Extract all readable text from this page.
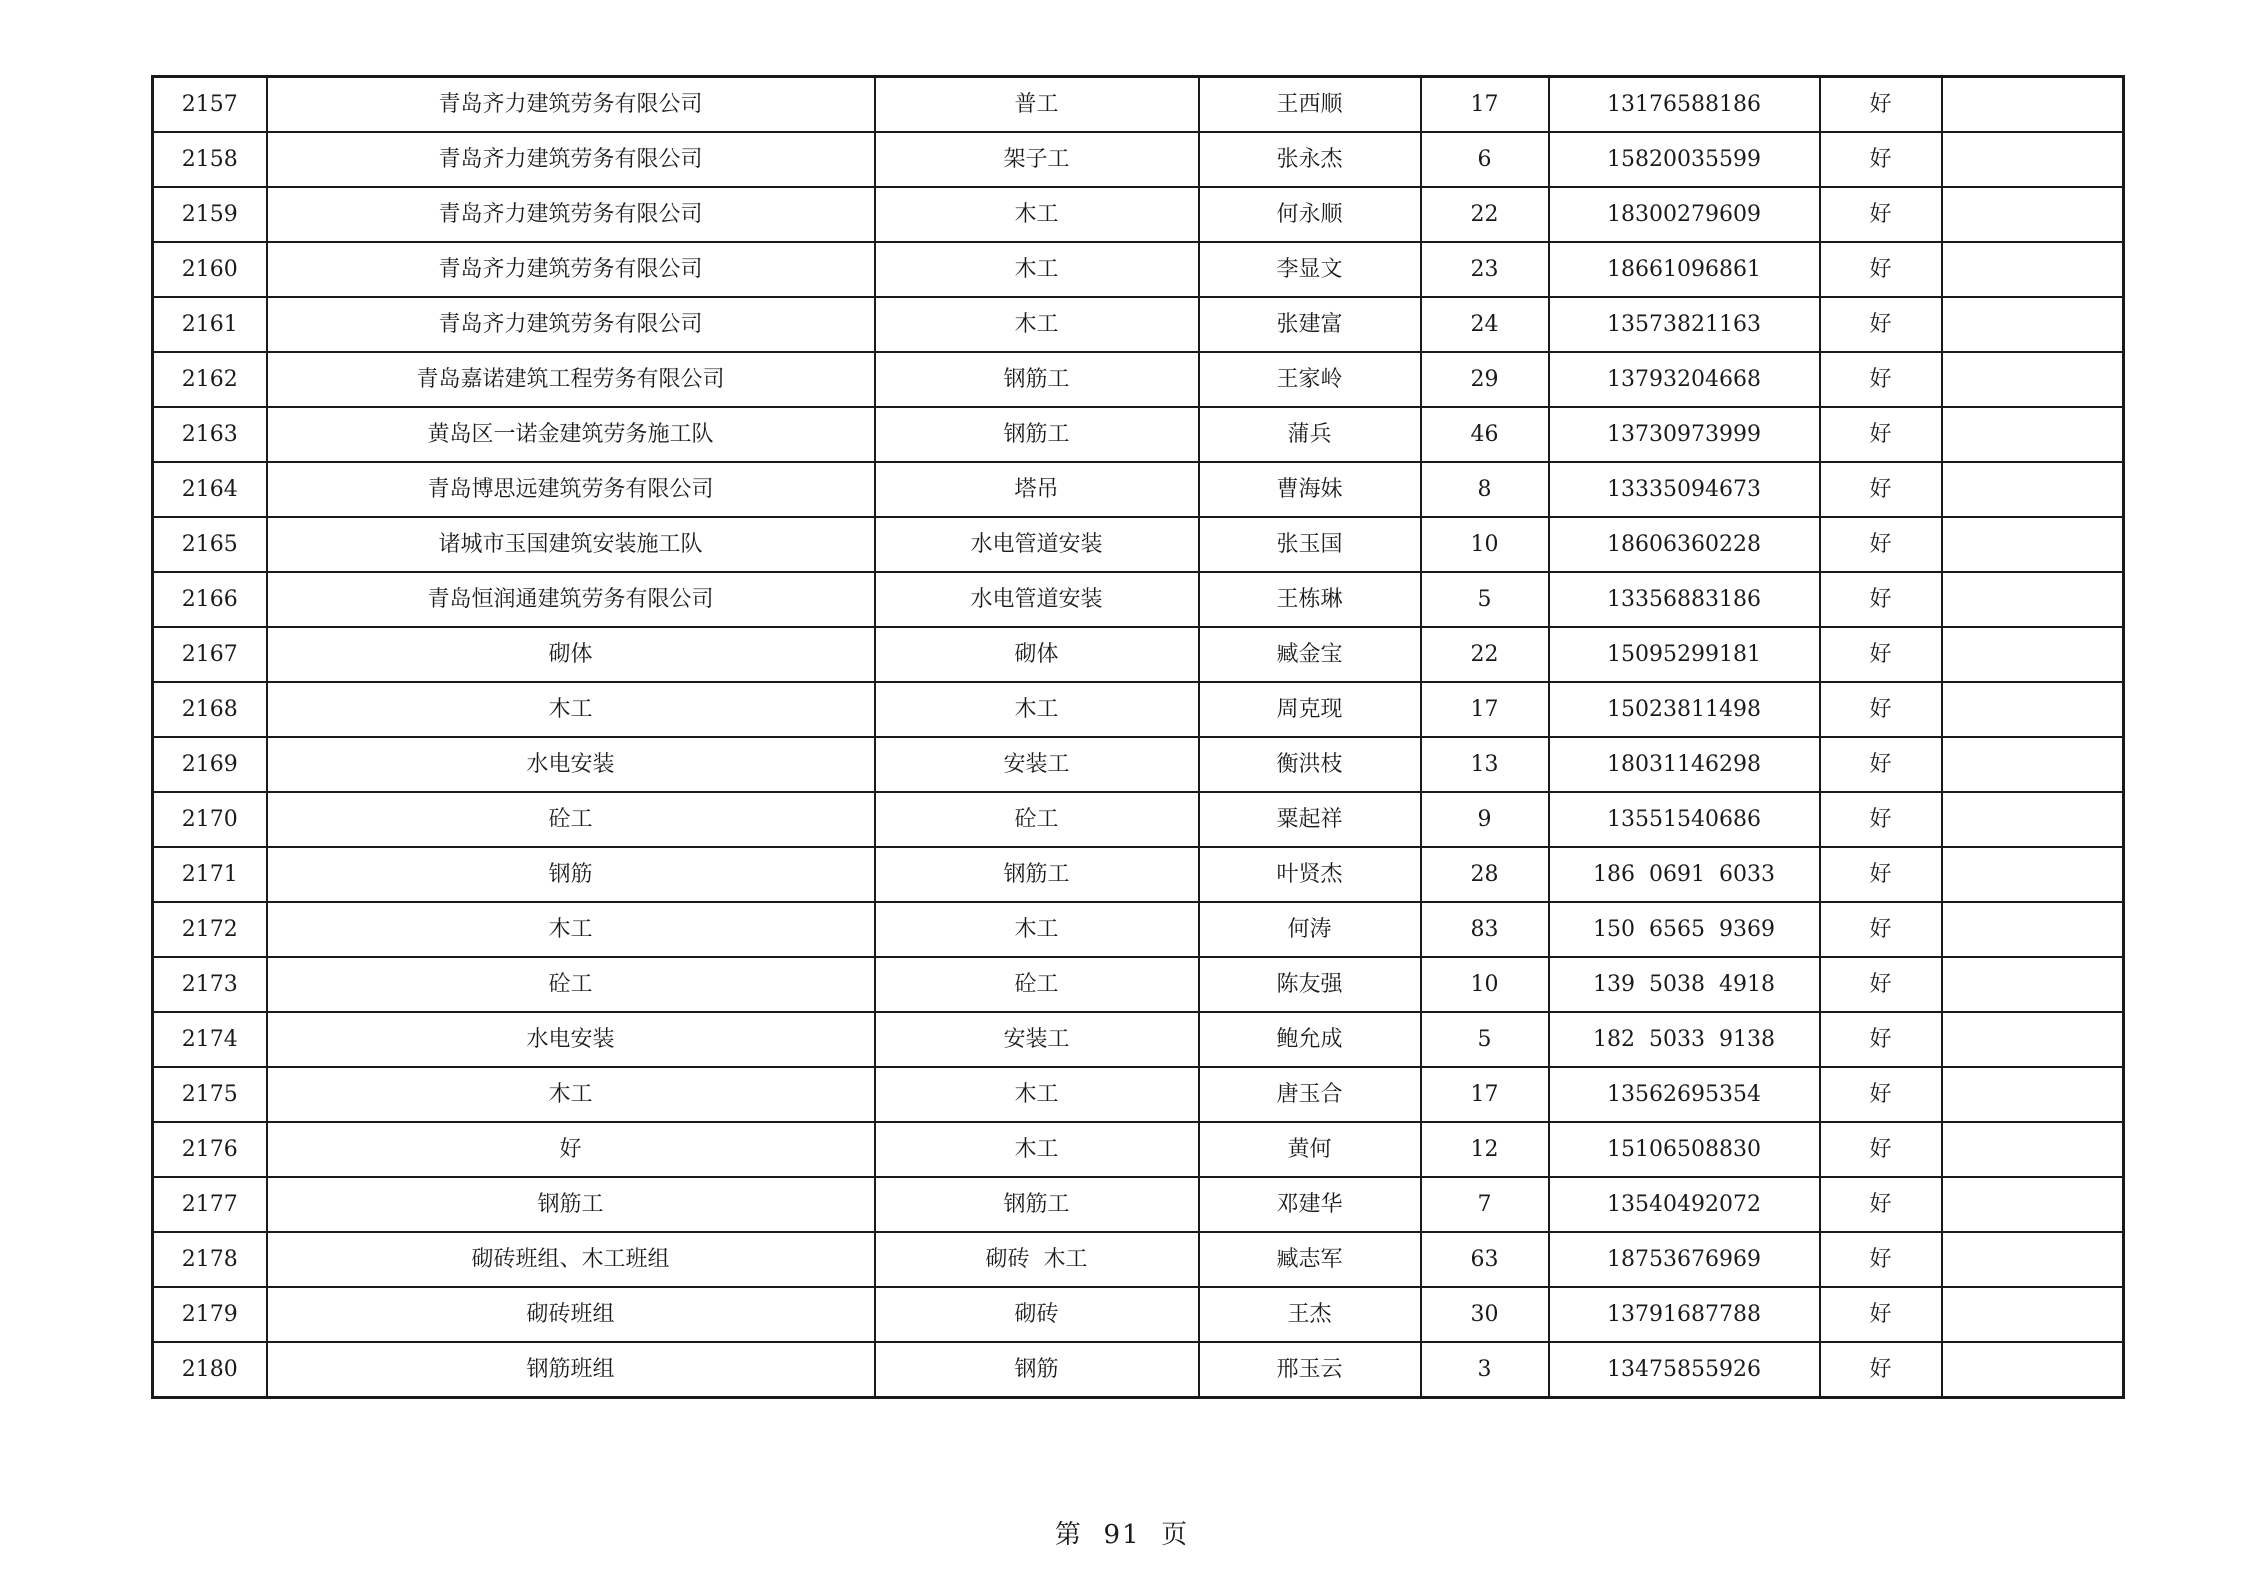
2157	青岛齐力建筑劳务有限公司	普工	王西顺	17	13176588186	好	
2158	青岛齐力建筑劳务有限公司	架子工	张永杰	6	15820035599	好	
2159	青岛齐力建筑劳务有限公司	木工	何永顺	22	18300279609	好	
2160	青岛齐力建筑劳务有限公司	木工	李显文	23	18661096861	好	
2161	青岛齐力建筑劳务有限公司	木工	张建富	24	13573821163	好	
2162	青岛嘉诺建筑工程劳务有限公司	钢筋工	王家岭	29	13793204668	好	
2163	黄岛区一诺金建筑劳务施工队	钢筋工	蒲兵	46	13730973999	好	
2164	青岛博思远建筑劳务有限公司	塔吊	曹海妹	8	13335094673	好	
2165	诸城市玉国建筑安装施工队	水电管道安装	张玉国	10	18606360228	好	
2166	青岛恒润通建筑劳务有限公司	水电管道安装	王栋琳	5	13356883186	好	
2167	砌体	砌体	臧金宝	22	15095299181	好	
2168	木工	木工	周克现	17	15023811498	好	
2169	水电安装	安装工	衡洪枝	13	18031146298	好	
2170	砼工	砼工	粟起祥	9	13551540686	好	
2171	钢筋	钢筋工	叶贤杰	28	186  0691  6033	好	
2172	木工	木工	何涛	83	150  6565  9369	好	
2173	砼工	砼工	陈友强	10	139  5038  4918	好	
2174	水电安装	安装工	鲍允成	5	182  5033  9138	好	
2175	木工	木工	唐玉合	17	13562695354	好	
2176	好	木工	黄何	12	15106508830	好	
2177	钢筋工	钢筋工	邓建华	7	13540492072	好	
2178	砌砖班组、木工班组	砌砖  木工	臧志军	63	18753676969	好	
2179	砌砖班组	砌砖	王杰	30	13791687788	好	
2180	钢筋班组	钢筋	邢玉云	3	13475855926	好	
第  91  页
